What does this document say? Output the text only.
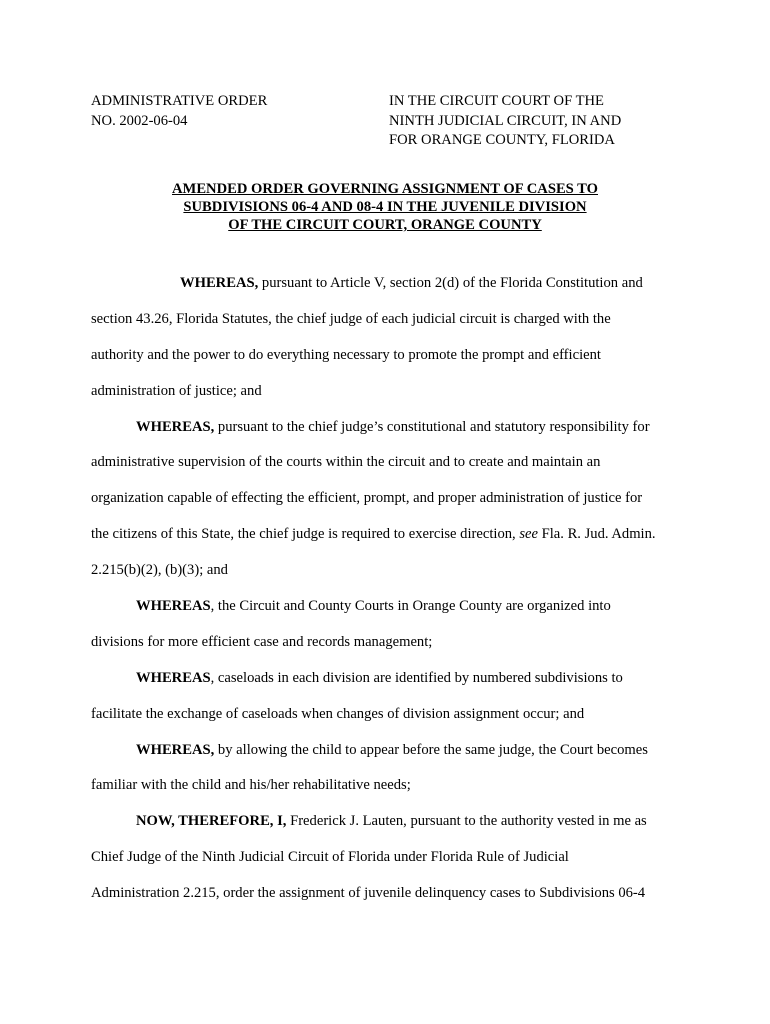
ADMINISTRATIVE ORDER
NO. 2002-06-04
IN THE CIRCUIT COURT OF THE
NINTH JUDICIAL CIRCUIT, IN AND
FOR ORANGE COUNTY, FLORIDA
AMENDED ORDER GOVERNING ASSIGNMENT OF CASES TO
SUBDIVISIONS 06-4 AND 08-4 IN THE JUVENILE DIVISION
OF THE CIRCUIT COURT, ORANGE COUNTY
WHEREAS, pursuant to Article V, section 2(d) of the Florida Constitution and
section 43.26, Florida Statutes, the chief judge of each judicial circuit is charged with the
authority and the power to do everything necessary to promote the prompt and efficient
administration of justice; and
WHEREAS, pursuant to the chief judge’s constitutional and statutory responsibility for
administrative supervision of the courts within the circuit and to create and maintain an
organization capable of effecting the efficient, prompt, and proper administration of justice for
the citizens of this State, the chief judge is required to exercise direction, see Fla. R. Jud. Admin.
2.215(b)(2), (b)(3); and
WHEREAS, the Circuit and County Courts in Orange County are organized into
divisions for more efficient case and records management;
WHEREAS, caseloads in each division are identified by numbered subdivisions to
facilitate the exchange of caseloads when changes of division assignment occur; and
WHEREAS, by allowing the child to appear before the same judge, the Court becomes
familiar with the child and his/her rehabilitative needs;
NOW, THEREFORE, I, Frederick J. Lauten, pursuant to the authority vested in me as
Chief Judge of the Ninth Judicial Circuit of Florida under Florida Rule of Judicial
Administration 2.215, order the assignment of juvenile delinquency cases to Subdivisions 06-4
